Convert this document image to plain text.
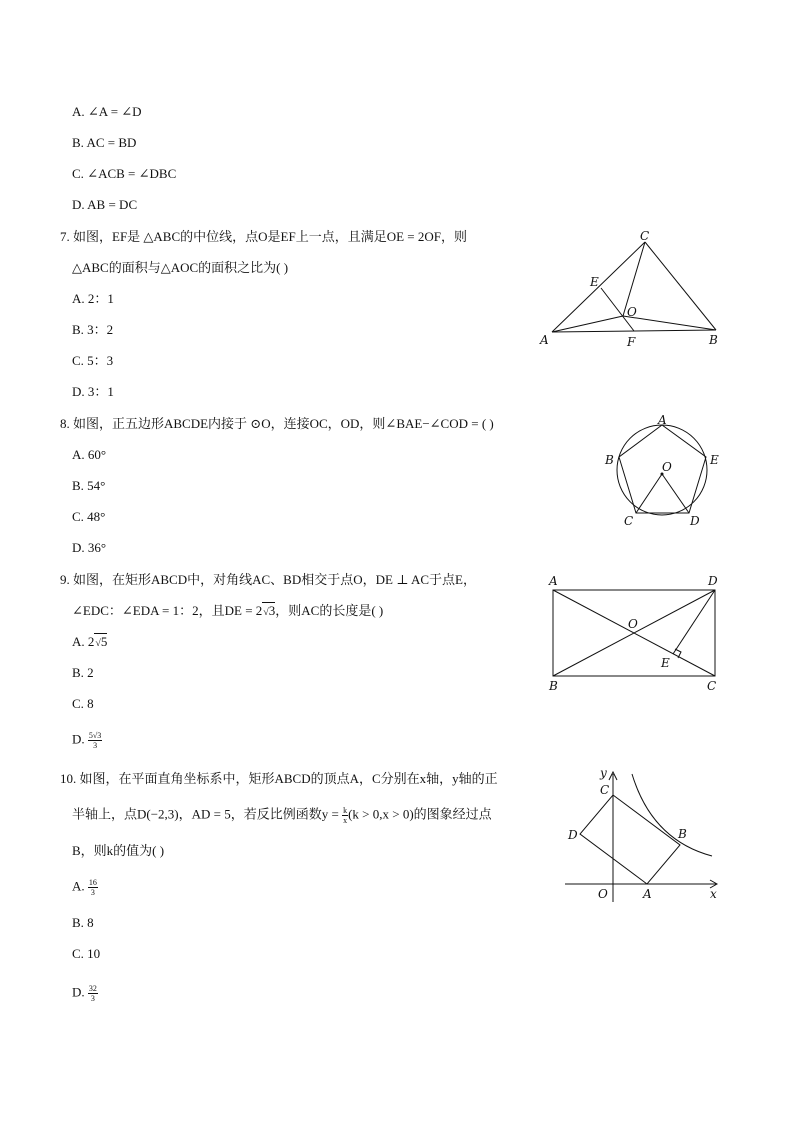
A. ∠A = ∠D
B. AC = BD
C. ∠ACB = ∠DBC
D. AB = DC
7. 如图，EF是 △ABC的中位线，点O是EF上一点，且满足OE = 2OF，则
△ABC的面积与△AOC的面积之比为( )
A. 2：1
B. 3：2
C. 5：3
D. 3：1
C
E
O
A	F	B
8. 如图，正五边形ABCDE内接于 ⊙O，连接OC，OD，则∠BAE−∠COD = ( )
A. 60°
B. 54°
C. 48°
D. 36°
A
B	E
O
C	D
9. 如图，在矩形ABCD中，对角线AC、BD相交于点O，DE ⊥ AC于点E，
∠EDC：∠EDA = 1：2，且DE = 2√3，则AC的长度是( )
A. 2√5
B. 2
C. 8
D. $\frac{5√3}{3}$
A	D
O
E
B	C
10. 如图，在平面直角坐标系中，矩形ABCD的顶点A，C分别在x轴，y轴的正
半轴上，点D(−2,3)，AD = 5，若反比例函数$y = \frac{k}{x} (k > 0,x > 0)$的图象经过点
B，则k的值为( )
A. $\frac{16}{3}$
B. 8
C. 10
D. $\frac{32}{3}$
y
C
B
D
O	A	x
